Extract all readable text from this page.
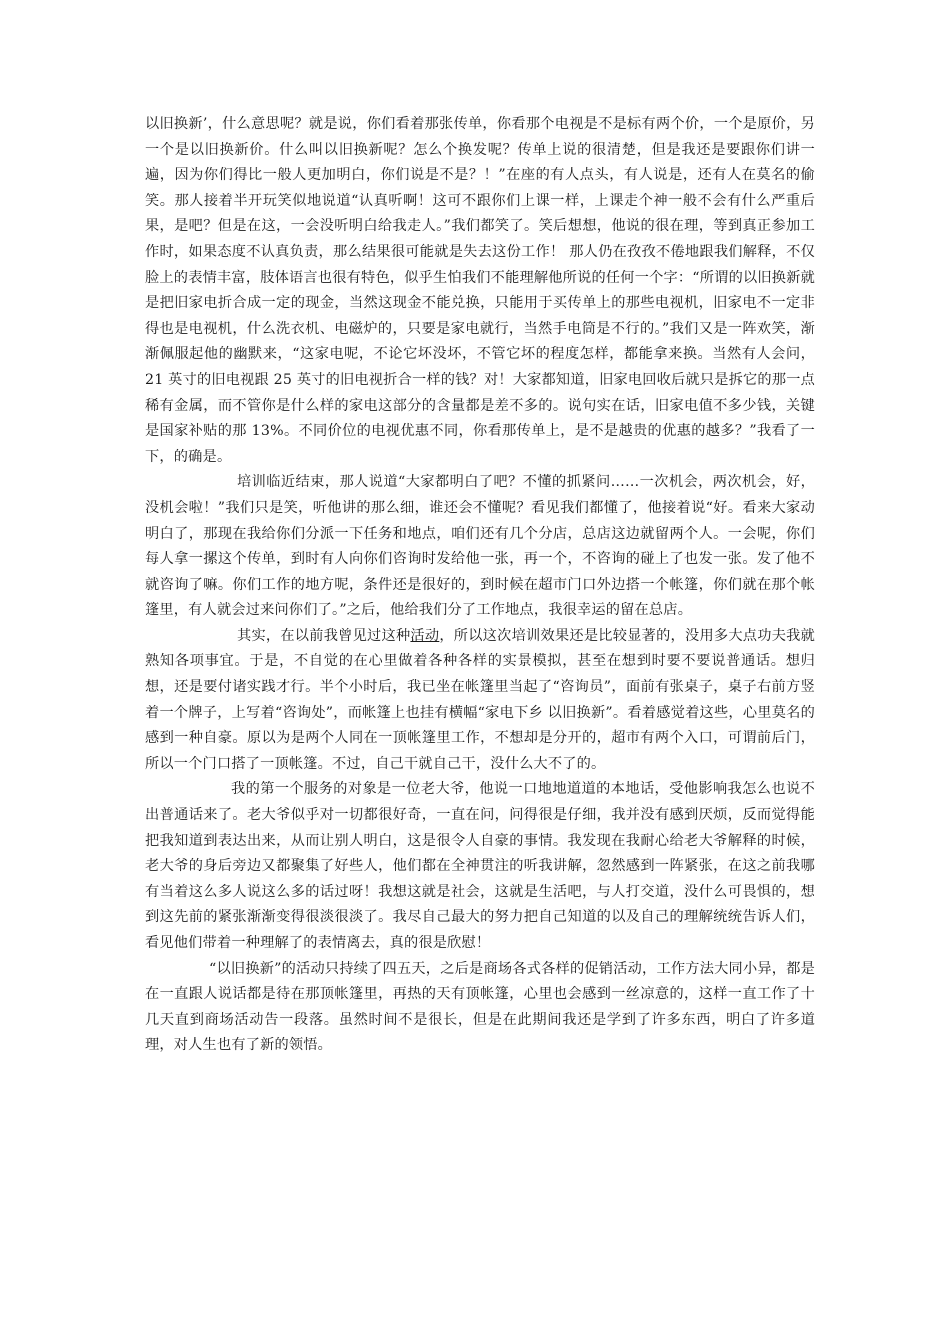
以旧换新’，什么意思呢？就是说，你们看着那张传单，你看那个电视是不是标有两个价，一个是原价，另一个是以旧换新价。什么叫以旧换新呢？怎么个换发呢？传单上说的很清楚，但是我还是要跟你们讲一遍，因为你们得比一般人更加明白，你们说是不是？！”在座的有人点头，有人说是，还有人在莫名的偷笑。那人接着半开玩笑似地说道“认真听啊！这可不跟你们上课一样，上课走个神一般不会有什么严重后果，是吧？但是在这，一会没听明白给我走人。”我们都笑了。笑后想想，他说的很在理，等到真正参加工作时，如果态度不认真负责，那么结果很可能就是失去这份工作！ 那人仍在孜孜不倦地跟我们解释，不仅脸上的表情丰富，肢体语言也很有特色，似乎生怕我们不能理解他所说的任何一个字：“所谓的以旧换新就是把旧家电折合成一定的现金，当然这现金不能兑换，只能用于买传单上的那些电视机，旧家电不一定非得也是电视机，什么洗衣机、电磁炉的，只要是家电就行，当然手电筒是不行的。”我们又是一阵欢笑，渐渐佩服起他的幽默来，“这家电呢，不论它坏没坏，不管它坏的程度怎样，都能拿来换。当然有人会问，21 英寸的旧电视跟 25 英寸的旧电视折合一样的钱？对！大家都知道，旧家电回收后就只是拆它的那一点稀有金属，而不管你是什么样的家电这部分的含量都是差不多的。说句实在话，旧家电值不多少钱，关键是国家补贴的那 13%。不同价位的电视优惠不同，你看那传单上，是不是越贵的优惠的越多？”我看了一下，的确是。

培训临近结束，那人说道“大家都明白了吧？不懂的抓紧问……一次机会，两次机会，好，没机会啦！”我们只是笑，听他讲的那么细，谁还会不懂呢？看见我们都懂了，他接着说“好。看来大家动明白了，那现在我给你们分派一下任务和地点，咱们还有几个分店，总店这边就留两个人。一会呢，你们每人拿一摞这个传单，到时有人向你们咨询时发给他一张，再一个，不咨询的碰上了也发一张。发了他不就咨询了嘛。你们工作的地方呢，条件还是很好的，到时候在超市门口外边搭一个帐篷，你们就在那个帐篷里，有人就会过来问你们了。”之后，他给我们分了工作地点，我很幸运的留在总店。

其实，在以前我曾见过这种活动，所以这次培训效果还是比较显著的，没用多大点功夫我就熟知各项事宜。于是，不自觉的在心里做着各种各样的实景模拟，甚至在想到时要不要说普通话。想归想，还是要付诸实践才行。半个小时后，我已坐在帐篷里当起了“咨询员”，面前有张桌子，桌子右前方竖着一个牌子，上写着“咨询处”，而帐篷上也挂有横幅“家电下乡 以旧换新”。看着感觉着这些，心里莫名的感到一种自豪。原以为是两个人同在一顶帐篷里工作，不想却是分开的，超市有两个入口，可谓前后门，所以一个门口搭了一顶帐篷。不过，自己干就自己干，没什么大不了的。

我的第一个服务的对象是一位老大爷，他说一口地地道道的本地话，受他影响我怎么也说不出普通话来了。老大爷似乎对一切都很好奇，一直在问，问得很是仔细，我并没有感到厌烦，反而觉得能把我知道到表达出来，从而让别人明白，这是很令人自豪的事情。我发现在我耐心给老大爷解释的时候，老大爷的身后旁边又都聚集了好些人，他们都在全神贯注的听我讲解，忽然感到一阵紧张，在这之前我哪有当着这么多人说这么多的话过呀！我想这就是社会，这就是生活吧，与人打交道，没什么可畏惧的，想到这先前的紧张渐渐变得很淡很淡了。我尽自己最大的努力把自己知道的以及自己的理解统统告诉人们，看见他们带着一种理解了的表情离去，真的很是欣慰！

“以旧换新”的活动只持续了四五天，之后是商场各式各样的促销活动，工作方法大同小异，都是在一直跟人说话都是待在那顶帐篷里，再热的天有顶帐篷，心里也会感到一丝凉意的，这样一直工作了十几天直到商场活动告一段落。虽然时间不是很长，但是在此期间我还是学到了许多东西，明白了许多道理，对人生也有了新的领悟。
